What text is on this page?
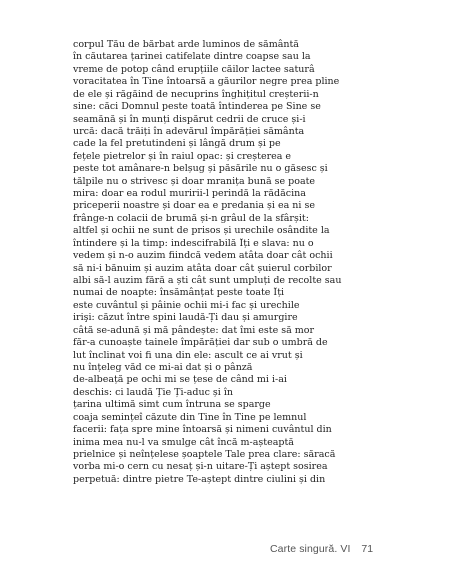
corpul Tău de bărbat arde luminos de sământă
în căutarea țarinei catifelate dintre coapse sau la
vreme de potop când erupțiile căilor lactee saturâ
voracitatea în Tine întoarsă a găurilor negre prea pline
de ele și răgăind de necuprins înghițitul creșterii-n
sine: căci Domnul peste toată întinderea pe Sine se
seamănă și în munți dispărut cedrii de cruce și-i
urcă: dacă trăiți în adevărul împărăției sământa
cade la fel pretutindeni și lângă drum și pe
fețele pietrelor și în raiul opac: și creșterea e
peste tot amânare-n belșug și păsările nu o găsesc și
tălpile nu o strivesc și doar mranița bună se poate
mira: doar ea rodul muririi-l perindă la rădăcina
priceperii noastre și doar ea e predania și ea ni se
frânge-n colacii de brumă și-n grâul de la sfârșit:
altfel și ochii ne sunt de prisos și urechile osândite la
întindere și la timp: indescifrabilă Îți e slava: nu o
vedem și n-o auzim fiindcă vedem atâta doar cât ochii
să ni-i bănuim și auzim atâta doar cât șuierul corbilor
albi să-l auzim fără a ști cât sunt umpluți de recolte sau
numai de noapte: însămânțat peste toate Îți
este cuvântul și pâinie ochii mi-i fac și urechile
irişi: căzut între spini laudă-Ți dau și amurgire
câtă se-adună și mă pândește: dat îmi este să mor
făr-a cunoaște tainele împărăției dar sub o umbră de
lut înclinat voi fi una din ele: ascult ce ai vrut și
nu înțeleg văd ce mi-ai dat și o pânză
de-albeață pe ochi mi se țese de când mi i-ai
deschis: ci laudă Ție Ți-aduc și în
țarina ultimă simt cum întruna se sparge
coaja semințeî căzute din Tine în Tine pe lemnul
facerii: fața spre mine întoarsă și nimeni cuvântul din
inima mea nu-l va smulge cât încă m-așteaptă
prielnice și neînțelese șoaptele Tale prea clare: săracă
vorba mi-o cern cu nesaț și-n uitare-Ți aștept sosirea
perpetuă: dintre pietre Te-aștept dintre ciulini și din
Carte singură. VI 71
